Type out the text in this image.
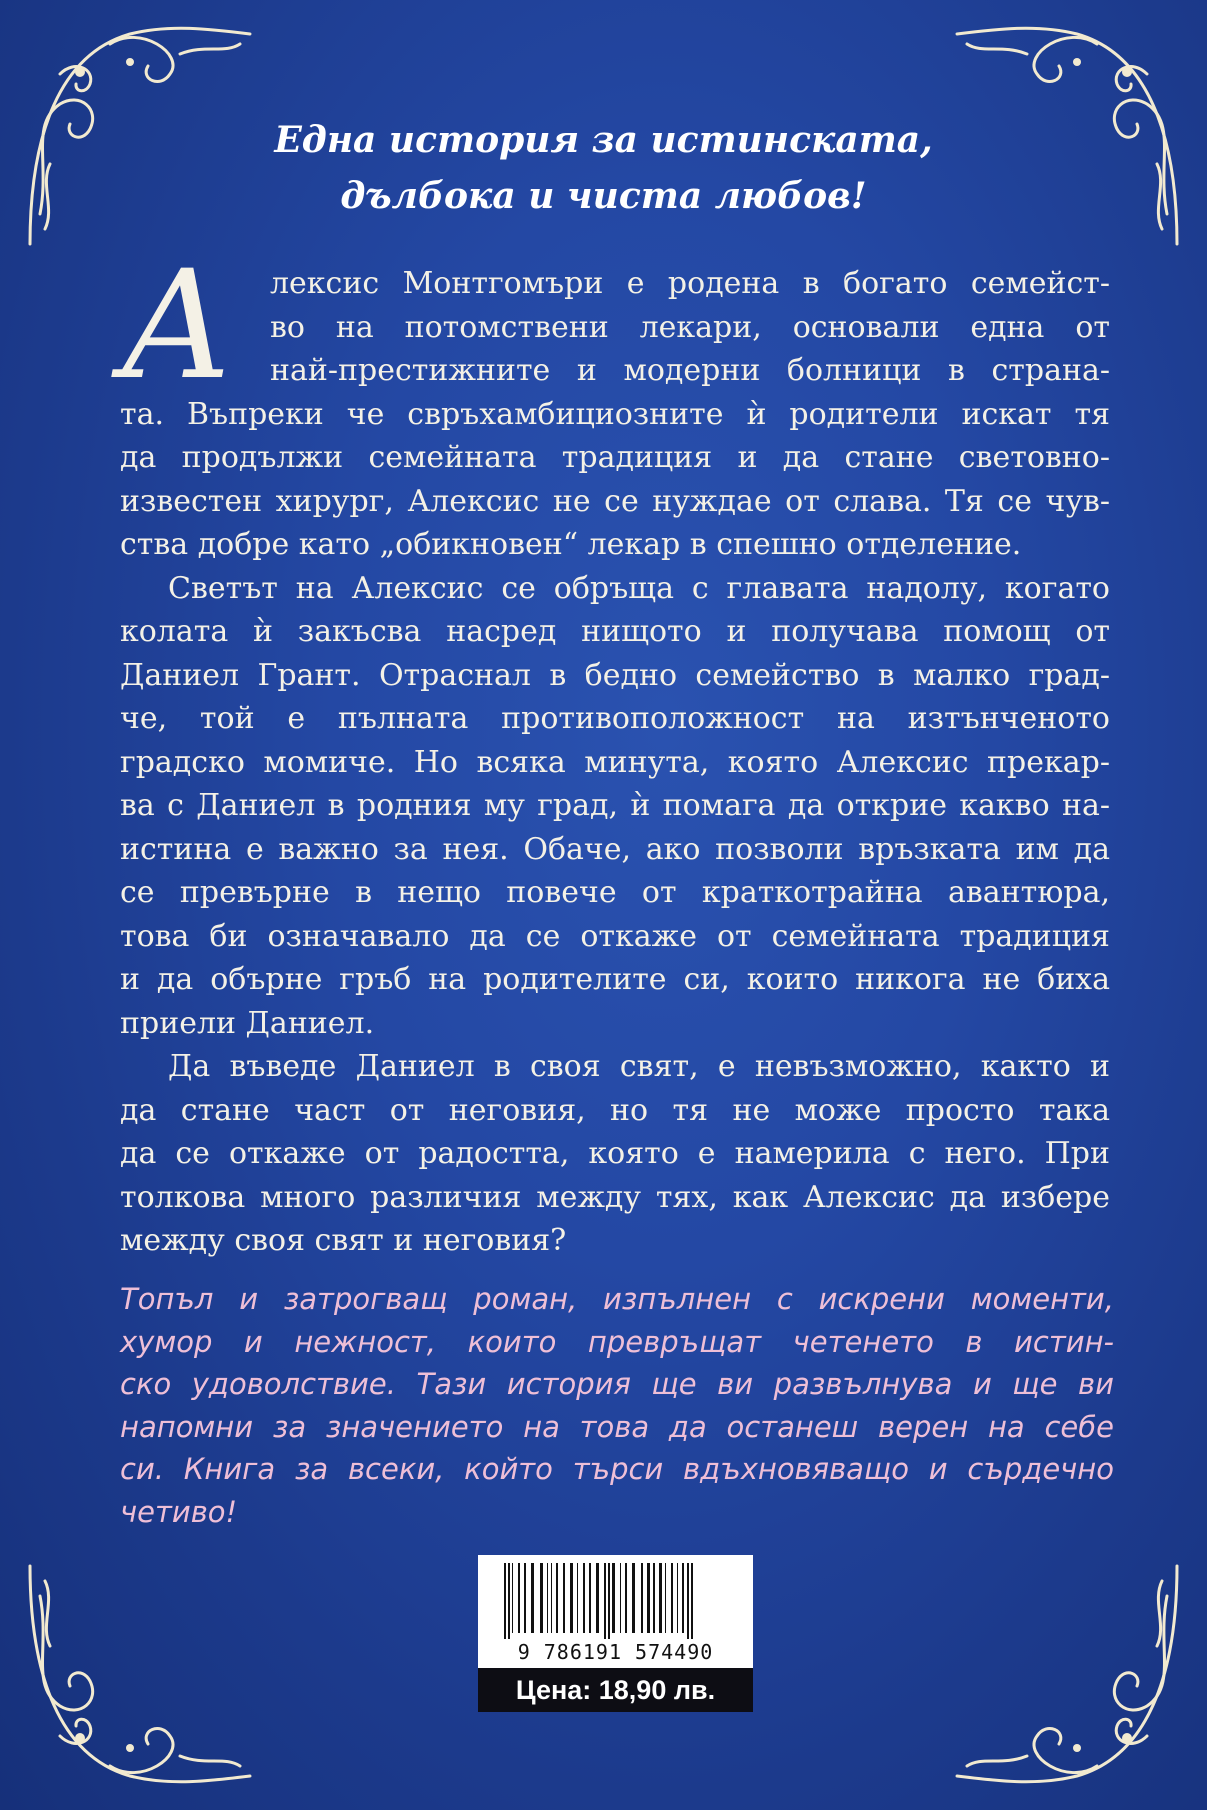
Една история за истинската,
дълбока и чиста любов!
А	лексис Монтгомъри е родена в богато семейст-
во на потомствени лекари, основали една от
най-престижните и модерни болници в страна-
та. Въпреки че свръхамбициозните ѝ родители искат тя
да продължи семейната традиция и да стане световно-
известен хирург, Алексис не се нуждае от слава. Тя се чув-
ства добре като „обикновен“ лекар в спешно отделение.
Светът на Алексис се обръща с главата надолу, когато
колата ѝ закъсва насред нищото и получава помощ от
Даниел Грант. Отраснал в бедно семейство в малко град-
че, той е пълната противоположност на изтънченото
градско момиче. Но всяка минута, която Алексис прекар-
ва с Даниел в родния му град, ѝ помага да открие какво на-
истина е важно за нея. Обаче, ако позволи връзката им да
се превърне в нещо повече от краткотрайна авантюра,
това би означавало да се откаже от семейната традиция
и да обърне гръб на родителите си, които никога не биха
приели Даниел.
Да въведе Даниел в своя свят, е невъзможно, както и
да стане част от неговия, но тя не може просто така
да се откаже от радостта, която е намерила с него. При
толкова много различия между тях, как Алексис да избере
между своя свят и неговия?
Топъл и затрогващ роман, изпълнен с искрени моменти,
хумор и нежност, които превръщат четенето в истин-
ско удоволствие. Тази история ще ви развълнува и ще ви
напомни за значението на това да останеш верен на себе
си. Книга за всеки, който търси вдъхновяващо и сърдечно
четиво!
9 786191 574490
Цена: 18,90 лв.
